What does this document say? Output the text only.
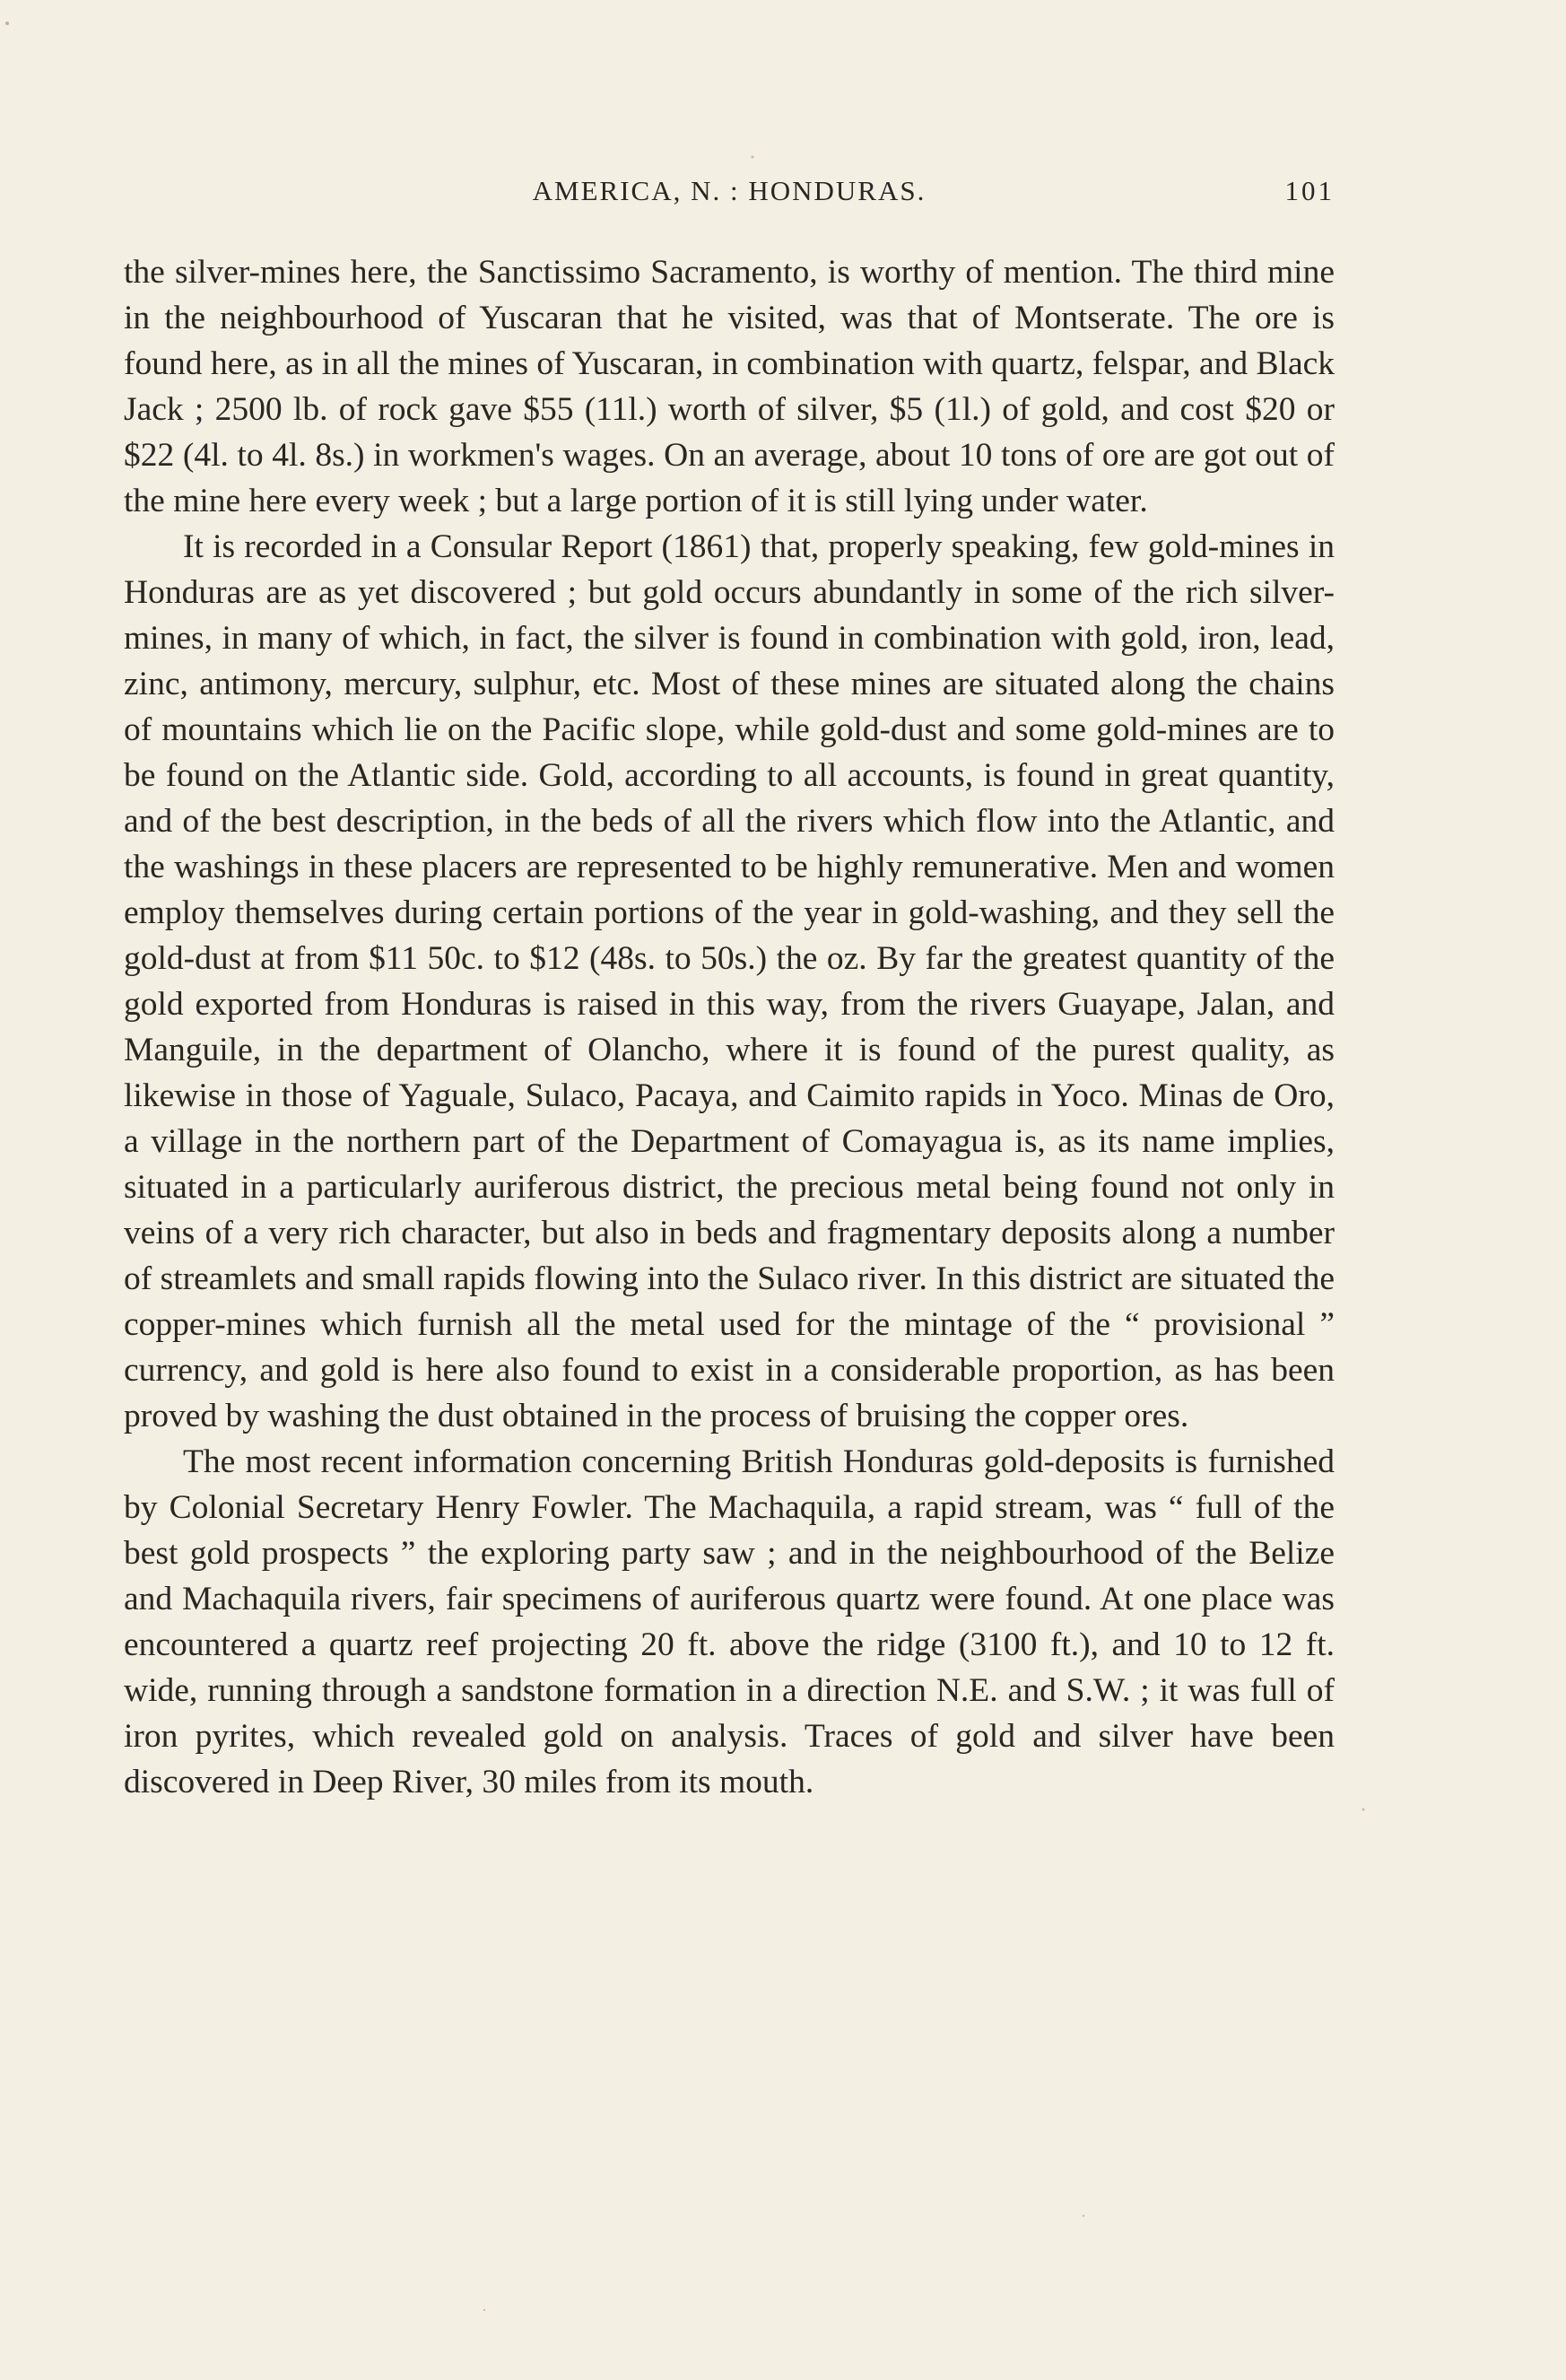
AMERICA, N. : HONDURAS.	101

the silver-mines here, the Sanctissimo Sacramento, is worthy of mention. The third mine in the neighbourhood of Yuscaran that he visited, was that of Montserate. The ore is found here, as in all the mines of Yuscaran, in combination with quartz, felspar, and Black Jack ; 2500 lb. of rock gave $55 (11l.) worth of silver, $5 (1l.) of gold, and cost $20 or $22 (4l. to 4l. 8s.) in workmen's wages. On an average, about 10 tons of ore are got out of the mine here every week ; but a large portion of it is still lying under water.

It is recorded in a Consular Report (1861) that, properly speaking, few gold-mines in Honduras are as yet discovered ; but gold occurs abundantly in some of the rich silver-mines, in many of which, in fact, the silver is found in combination with gold, iron, lead, zinc, antimony, mercury, sulphur, etc. Most of these mines are situated along the chains of mountains which lie on the Pacific slope, while gold-dust and some gold-mines are to be found on the Atlantic side. Gold, according to all accounts, is found in great quantity, and of the best description, in the beds of all the rivers which flow into the Atlantic, and the washings in these placers are represented to be highly remunerative. Men and women employ themselves during certain portions of the year in gold-washing, and they sell the gold-dust at from $11 50c. to $12 (48s. to 50s.) the oz. By far the greatest quantity of the gold exported from Honduras is raised in this way, from the rivers Guayape, Jalan, and Manguile, in the department of Olancho, where it is found of the purest quality, as likewise in those of Yaguale, Sulaco, Pacaya, and Caimito rapids in Yoco. Minas de Oro, a village in the northern part of the Department of Comayagua is, as its name implies, situated in a particularly auriferous district, the precious metal being found not only in veins of a very rich character, but also in beds and fragmentary deposits along a number of streamlets and small rapids flowing into the Sulaco river. In this district are situated the copper-mines which furnish all the metal used for the mintage of the “ provisional ” currency, and gold is here also found to exist in a considerable proportion, as has been proved by washing the dust obtained in the process of bruising the copper ores.

The most recent information concerning British Honduras gold-deposits is furnished by Colonial Secretary Henry Fowler. The Machaquila, a rapid stream, was “ full of the best gold prospects ” the exploring party saw ; and in the neighbourhood of the Belize and Machaquila rivers, fair specimens of auriferous quartz were found. At one place was encountered a quartz reef projecting 20 ft. above the ridge (3100 ft.), and 10 to 12 ft. wide, running through a sandstone formation in a direction N.E. and S.W. ; it was full of iron pyrites, which revealed gold on analysis. Traces of gold and silver have been discovered in Deep River, 30 miles from its mouth.
